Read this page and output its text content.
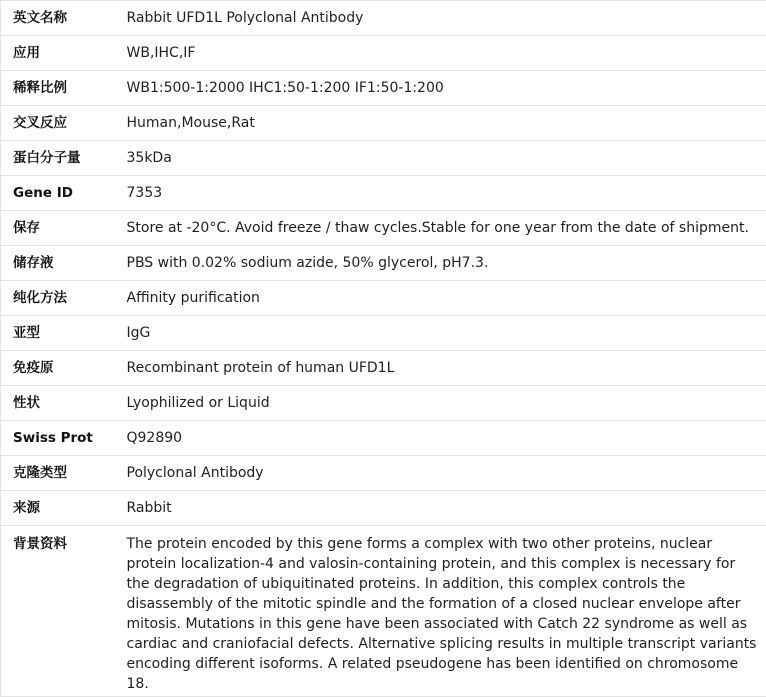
英文名称	Rabbit UFD1L Polyclonal Antibody
应用	WB,IHC,IF
稀释比例	WB1:500-1:2000 IHC1:50-1:200 IF1:50-1:200
交叉反应	Human,Mouse,Rat
蛋白分子量	35kDa
Gene ID	7353
保存	Store at -20°C. Avoid freeze / thaw cycles.Stable for one year from the date of shipment.
储存液	PBS with 0.02% sodium azide, 50% glycerol, pH7.3.
纯化方法	Affinity purification
亚型	IgG
免疫原	Recombinant protein of human UFD1L
性状	Lyophilized or Liquid
Swiss Prot	Q92890
克隆类型	Polyclonal Antibody
来源	Rabbit
背景资料	The protein encoded by this gene forms a complex with two other proteins, nuclear protein localization-4 and valosin-containing protein, and this complex is necessary for the degradation of ubiquitinated proteins. In addition, this complex controls the disassembly of the mitotic spindle and the formation of a closed nuclear envelope after mitosis. Mutations in this gene have been associated with Catch 22 syndrome as well as cardiac and craniofacial defects. Alternative splicing results in multiple transcript variants encoding different isoforms. A related pseudogene has been identified on chromosome 18.
